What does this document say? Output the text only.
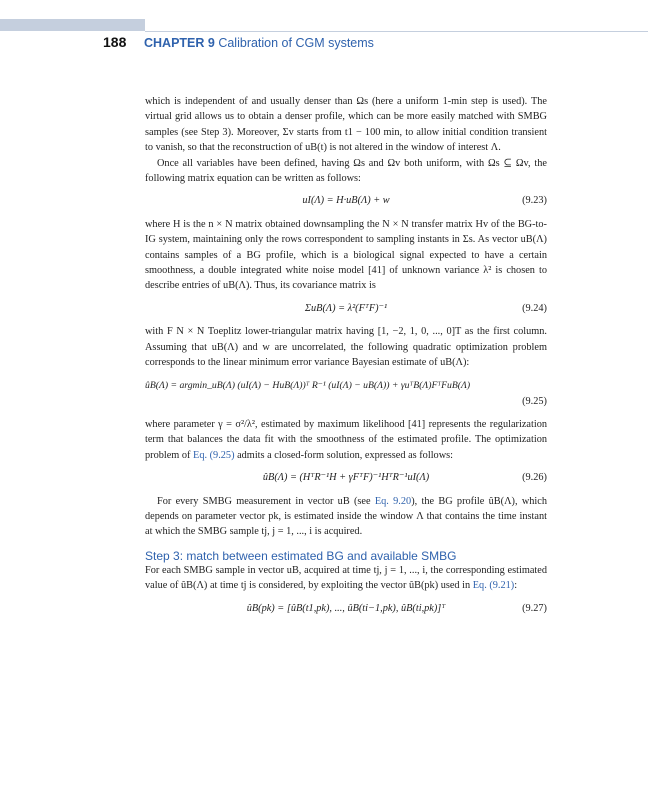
188 CHAPTER 9 Calibration of CGM systems

which is independent of and usually denser than Ωs (here a uniform 1-min step is used). The virtual grid allows us to obtain a denser profile, which can be more easily matched with SMBG samples (see Step 3). Moreover, Σv starts from t1 − 100 min, to allow initial condition transient to vanish, so that the reconstruction of uB(t) is not altered in the window of interest Λ.

Once all variables have been defined, having Ωs and Ωv both uniform, with Ωs ⊆ Ωv, the following matrix equation can be written as follows:

uI(Λ) = H·uB(Λ) + w	(9.23)

where H is the n × N matrix obtained downsampling the N × N transfer matrix Hv of the BG-to-IG system, maintaining only the rows correspondent to sampling instants in Σs. As vector uB(Λ) contains samples of a BG profile, which is a biological signal expected to have a certain smoothness, a double integrated white noise model [41] of unknown variance λ² is chosen to describe entries of uB(Λ). Thus, its covariance matrix is

ΣuB(Λ) = λ²(FᵀF)⁻¹	(9.24)

with F N × N Toeplitz lower-triangular matrix having [1, −2, 1, 0, ..., 0]T as the first column. Assuming that uB(Λ) and w are uncorrelated, the following quadratic optimization problem corresponds to the linear minimum error variance Bayesian estimate of uB(Λ):

ûB(Λ) = argmin_uB(Λ) (uI(Λ) − HuB(Λ))ᵀ R⁻¹ (uI(Λ) − uB(Λ)) + γuᵀB(Λ)FᵀFuB(Λ)
(9.25)

where parameter γ = σ²/λ², estimated by maximum likelihood [41] represents the regularization term that balances the data fit with the smoothness of the estimated profile. The optimization problem of Eq. (9.25) admits a closed-form solution, expressed as follows:

ûB(Λ) = (HᵀR⁻¹H + γFᵀF)⁻¹HᵀR⁻¹uI(Λ)	(9.26)

For every SMBG measurement in vector uB (see Eq. 9.20), the BG profile ûB(Λ), which depends on parameter vector pk, is estimated inside the window Λ that contains the time instant at which the SMBG sample tj, j = 1, ..., i is acquired.

Step 3: match between estimated BG and available SMBG

For each SMBG sample in vector uB, acquired at time tj, j = 1, ..., i, the corresponding estimated value of ûB(Λ) at time tj is considered, by exploiting the vector ûB(pk) used in Eq. (9.21):

ûB(pk) = [ûB(t1,pk), ..., ûB(ti−1,pk), ûB(ti,pk)]ᵀ	(9.27)
